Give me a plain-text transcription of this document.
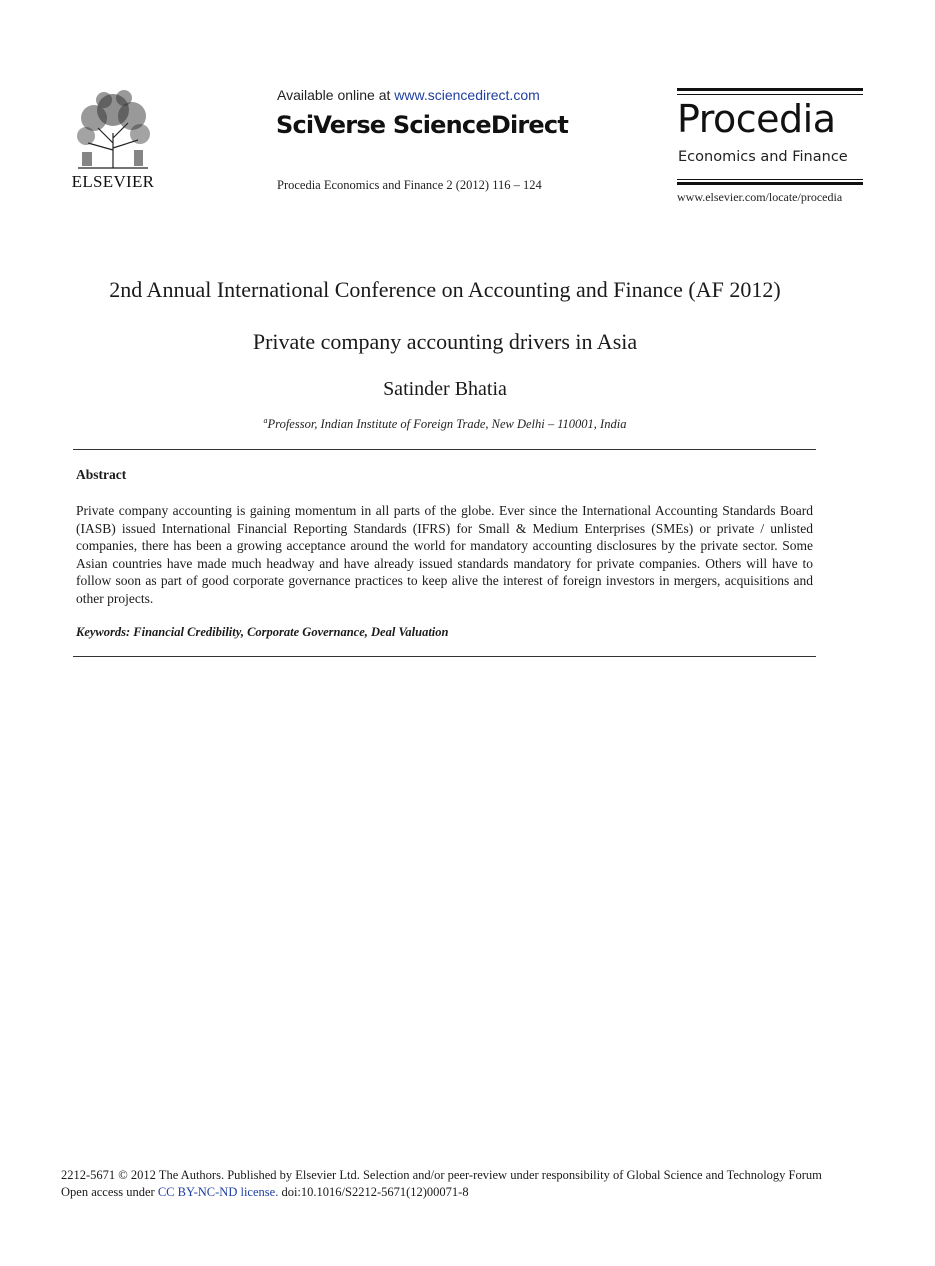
ELSEVIER
Available online at www.sciencedirect.com
SciVerse ScienceDirect
Procedia Economics and Finance 2 (2012) 116 – 124
Procedia
Economics and Finance
www.elsevier.com/locate/procedia
2nd Annual International Conference on Accounting and Finance (AF 2012)
Private company accounting drivers in Asia
Satinder Bhatia
$^a$Professor, Indian Institute of Foreign Trade, New Delhi – 110001, India
Abstract

Private company accounting is gaining momentum in all parts of the globe. Ever since the International Accounting Standards Board (IASB) issued International Financial Reporting Standards (IFRS) for Small & Medium Enterprises (SMEs) or private / unlisted companies, there has been a growing acceptance around the world for mandatory accounting disclosures by the private sector. Some Asian countries have made much headway and have already issued standards mandatory for private companies. Others will have to follow soon as part of good corporate governance practices to keep alive the interest of foreign investors in mergers, acquisitions and other projects.

Keywords: Financial Credibility, Corporate Governance, Deal Valuation
2212-5671 © 2012 The Authors. Published by Elsevier Ltd. Selection and/or peer-review under responsibility of Global Science and Technology Forum
Open access under CC BY-NC-ND license. doi:10.1016/S2212-5671(12)00071-8
